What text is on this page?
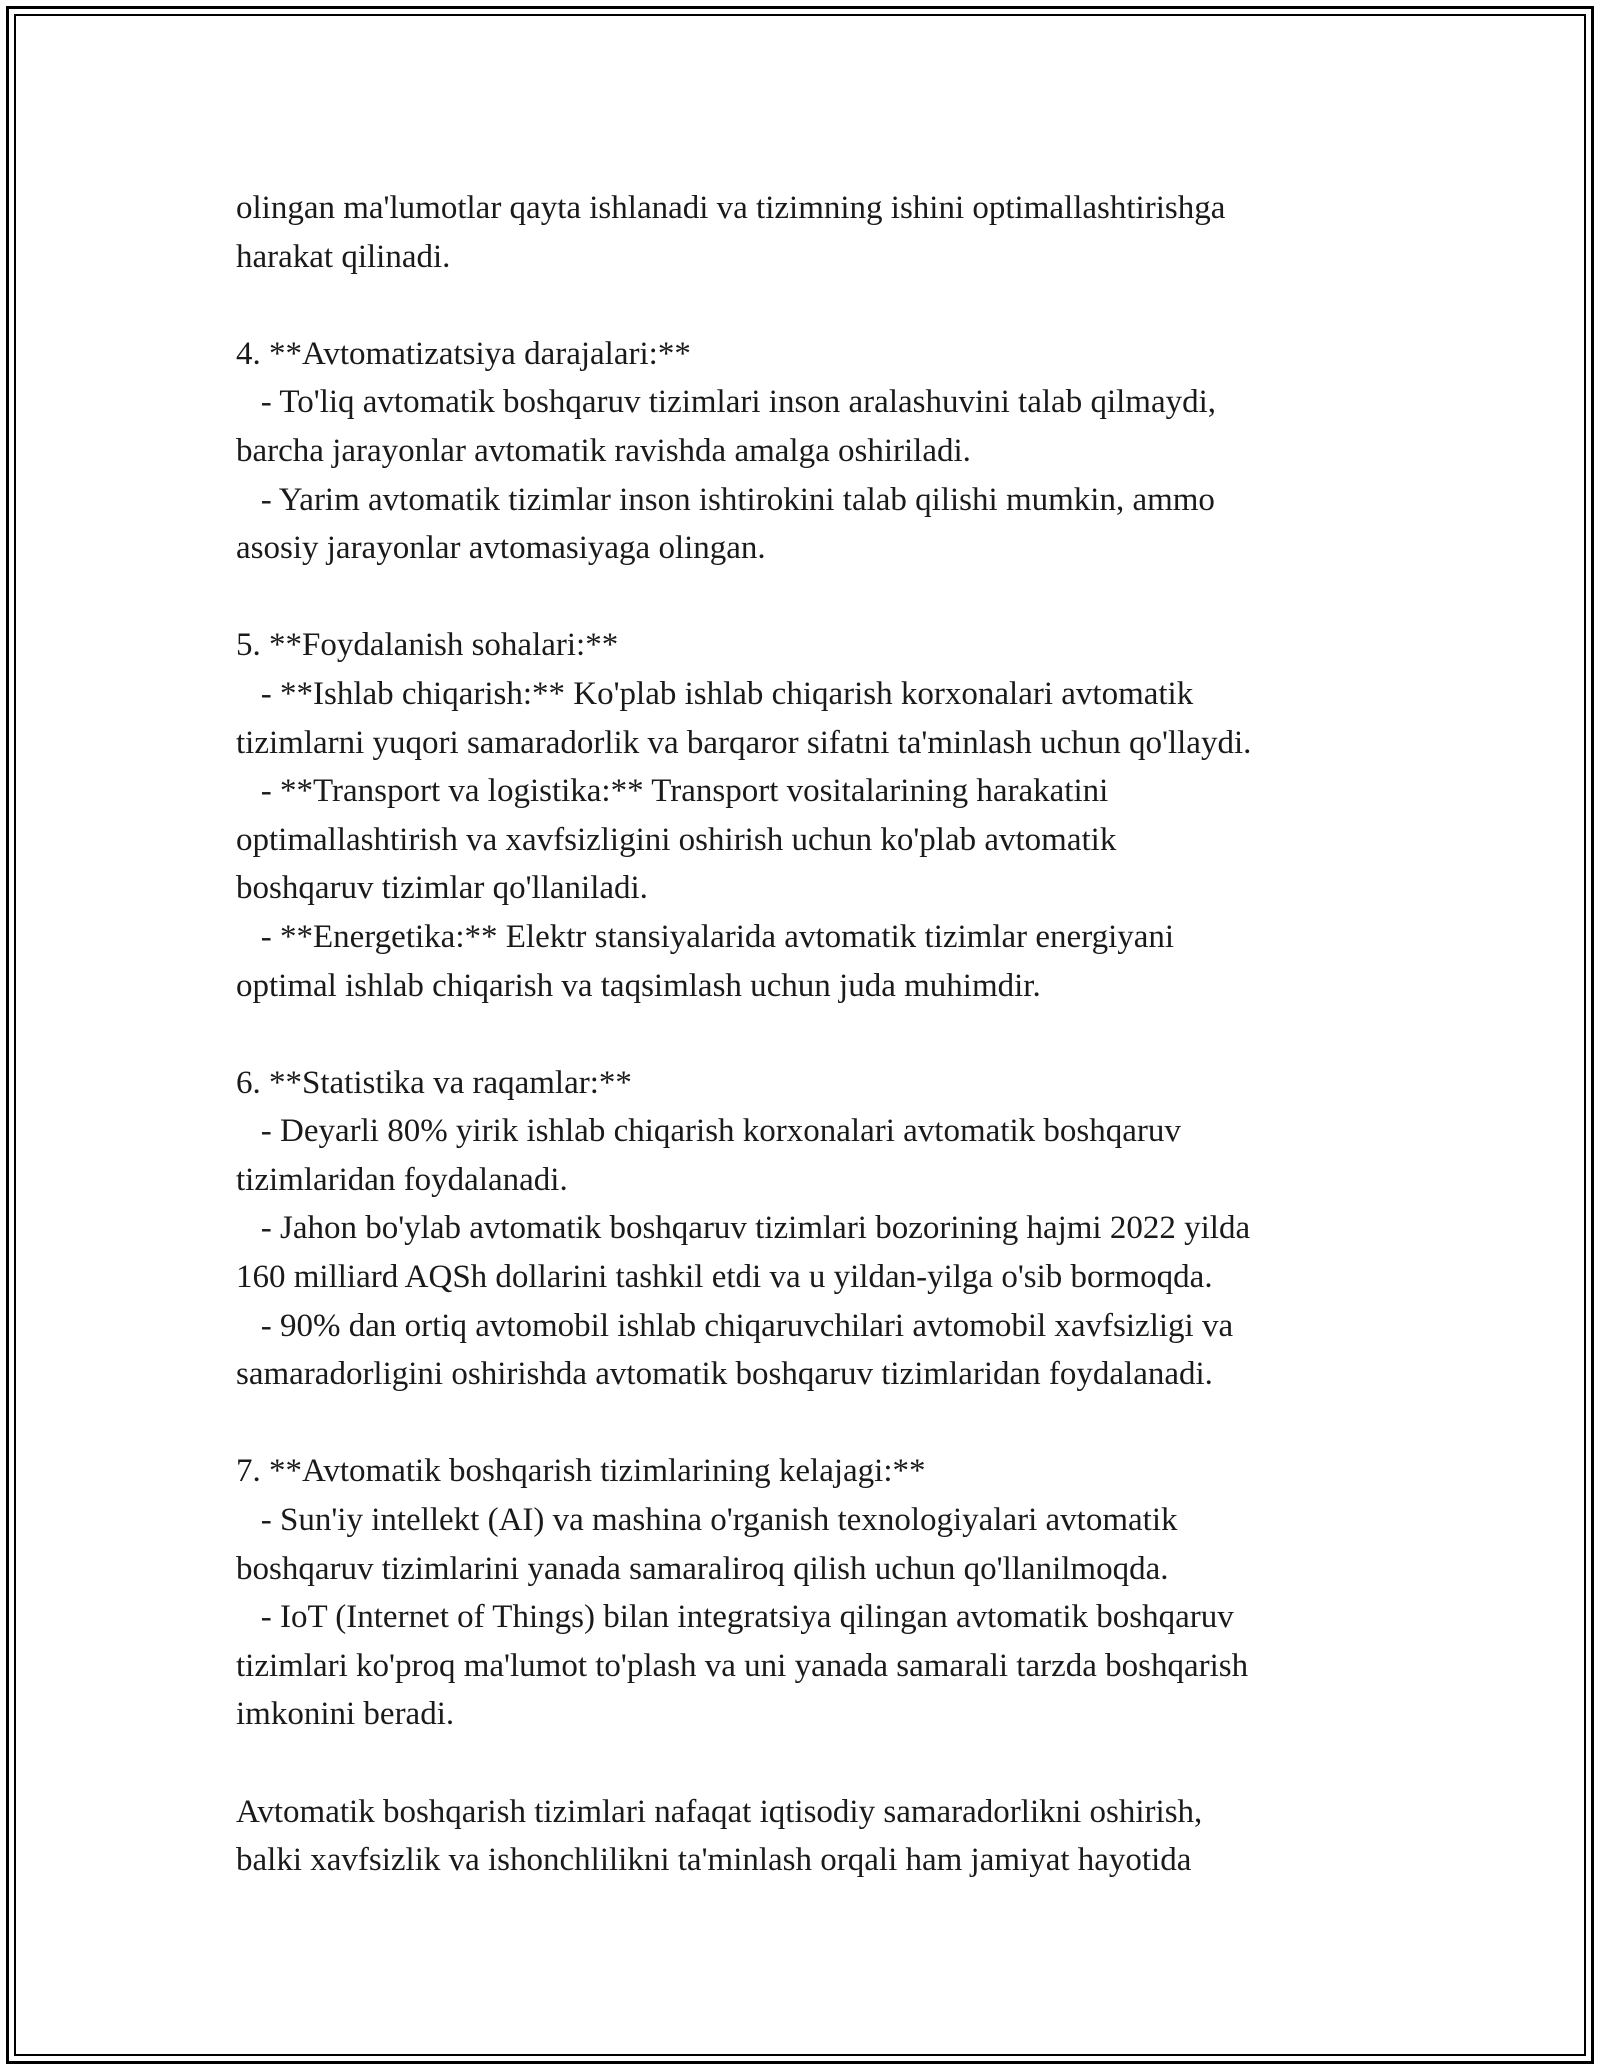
olingan ma'lumotlar qayta ishlanadi va tizimning ishini optimallashtirishga
harakat qilinadi.
4. **Avtomatizatsiya darajalari:**
- To'liq avtomatik boshqaruv tizimlari inson aralashuvini talab qilmaydi,
barcha jarayonlar avtomatik ravishda amalga oshiriladi.
- Yarim avtomatik tizimlar inson ishtirokini talab qilishi mumkin, ammo
asosiy jarayonlar avtomasiyaga olingan.
5. **Foydalanish sohalari:**
- **Ishlab chiqarish:** Ko'plab ishlab chiqarish korxonalari avtomatik
tizimlarni yuqori samaradorlik va barqaror sifatni ta'minlash uchun qo'llaydi.
- **Transport va logistika:** Transport vositalarining harakatini
optimallashtirish va xavfsizligini oshirish uchun ko'plab avtomatik
boshqaruv tizimlar qo'llaniladi.
- **Energetika:** Elektr stansiyalarida avtomatik tizimlar energiyani
optimal ishlab chiqarish va taqsimlash uchun juda muhimdir.
6. **Statistika va raqamlar:**
- Deyarli 80% yirik ishlab chiqarish korxonalari avtomatik boshqaruv
tizimlaridan foydalanadi.
- Jahon bo'ylab avtomatik boshqaruv tizimlari bozorining hajmi 2022 yilda
160 milliard AQSh dollarini tashkil etdi va u yildan-yilga o'sib bormoqda.
- 90% dan ortiq avtomobil ishlab chiqaruvchilari avtomobil xavfsizligi va
samaradorligini oshirishda avtomatik boshqaruv tizimlaridan foydalanadi.
7. **Avtomatik boshqarish tizimlarining kelajagi:**
- Sun'iy intellekt (AI) va mashina o'rganish texnologiyalari avtomatik
boshqaruv tizimlarini yanada samaraliroq qilish uchun qo'llanilmoqda.
- IoT (Internet of Things) bilan integratsiya qilingan avtomatik boshqaruv
tizimlari ko'proq ma'lumot to'plash va uni yanada samarali tarzda boshqarish
imkonini beradi.
Avtomatik boshqarish tizimlari nafaqat iqtisodiy samaradorlikni oshirish,
balki xavfsizlik va ishonchlilikni ta'minlash orqali ham jamiyat hayotida
